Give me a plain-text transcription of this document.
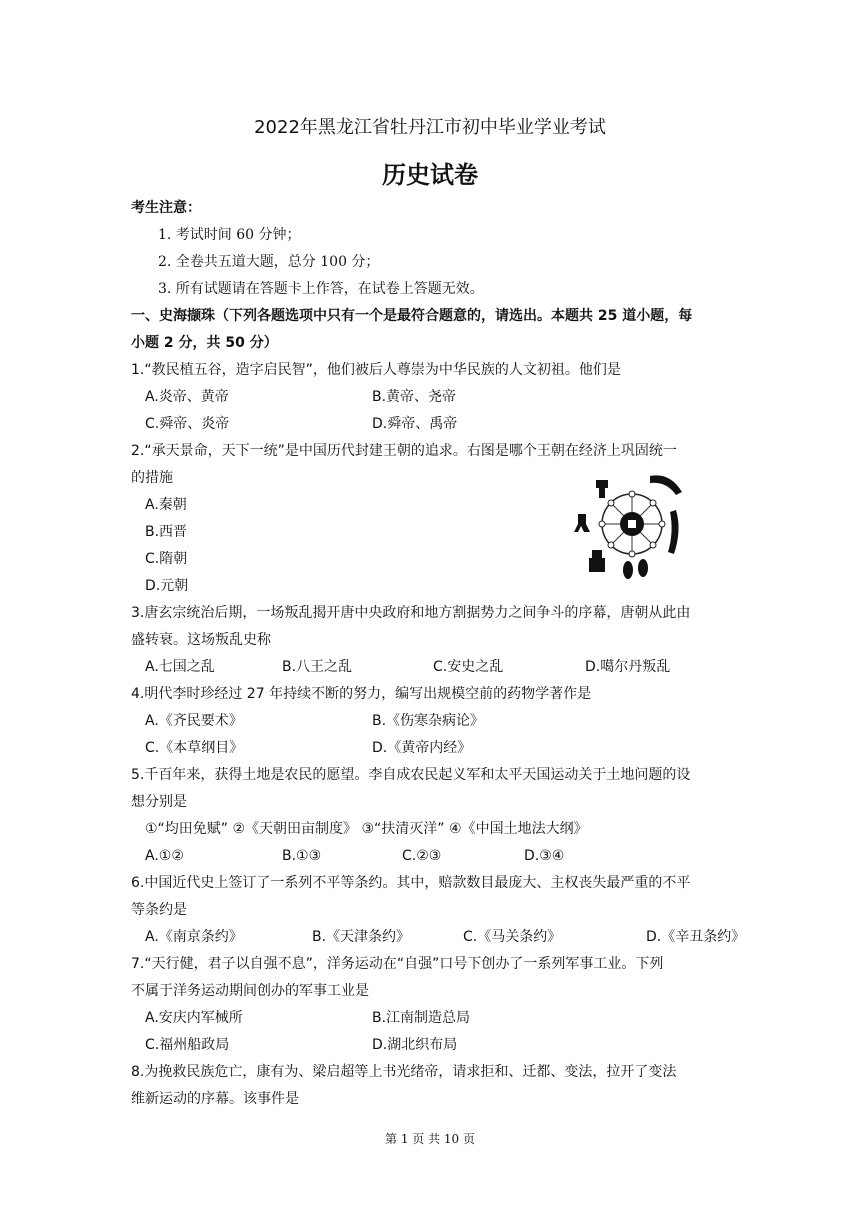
2022年黑龙江省牡丹江市初中毕业学业考试
历史试卷
考生注意：
1. 考试时间 60 分钟；
2. 全卷共五道大题，总分 100 分；
3. 所有试题请在答题卡上作答，在试卷上答题无效。
一、史海撷珠（下列各题选项中只有一个是最符合题意的，请选出。本题共 25 道小题，每
小题 2 分，共 50 分）
1.“教民植五谷，造字启民智”，他们被后人尊崇为中华民族的人文初祖。他们是
A.炎帝、黄帝	B.黄帝、尧帝
C.舜帝、炎帝	D.舜帝、禹帝
2.“承天景命，天下一统”是中国历代封建王朝的追求。右图是哪个王朝在经济上巩固统一
的措施
A.秦朝
B.西晋
C.隋朝
D.元朝
3.唐玄宗统治后期，一场叛乱揭开唐中央政府和地方割据势力之间争斗的序幕，唐朝从此由
盛转衰。这场叛乱史称
A.七国之乱	B.八王之乱	C.安史之乱	D.噶尔丹叛乱
4.明代李时珍经过 27 年持续不断的努力，编写出规模空前的药物学著作是
A.《齐民要术》	B.《伤寒杂病论》
C.《本草纲目》	D.《黄帝内经》
5.千百年来，获得土地是农民的愿望。李自成农民起义军和太平天国运动关于土地问题的设
想分别是
①“均田免赋” ②《天朝田亩制度》 ③“扶清灭洋” ④《中国土地法大纲》
A.①②	B.①③	C.②③	D.③④
6.中国近代史上签订了一系列不平等条约。其中，赔款数目最庞大、主权丧失最严重的不平
等条约是
A.《南京条约》	B.《天津条约》	C.《马关条约》	D.《辛丑条约》
7.“天行健，君子以自强不息”，洋务运动在“自强”口号下创办了一系列军事工业。下列
不属于洋务运动期间创办的军事工业是
A.安庆内军械所	B.江南制造总局
C.福州船政局	D.湖北织布局
8.为挽救民族危亡，康有为、梁启超等上书光绪帝，请求拒和、迁都、变法，拉开了变法
维新运动的序幕。该事件是
第 1 页 共 10 页
